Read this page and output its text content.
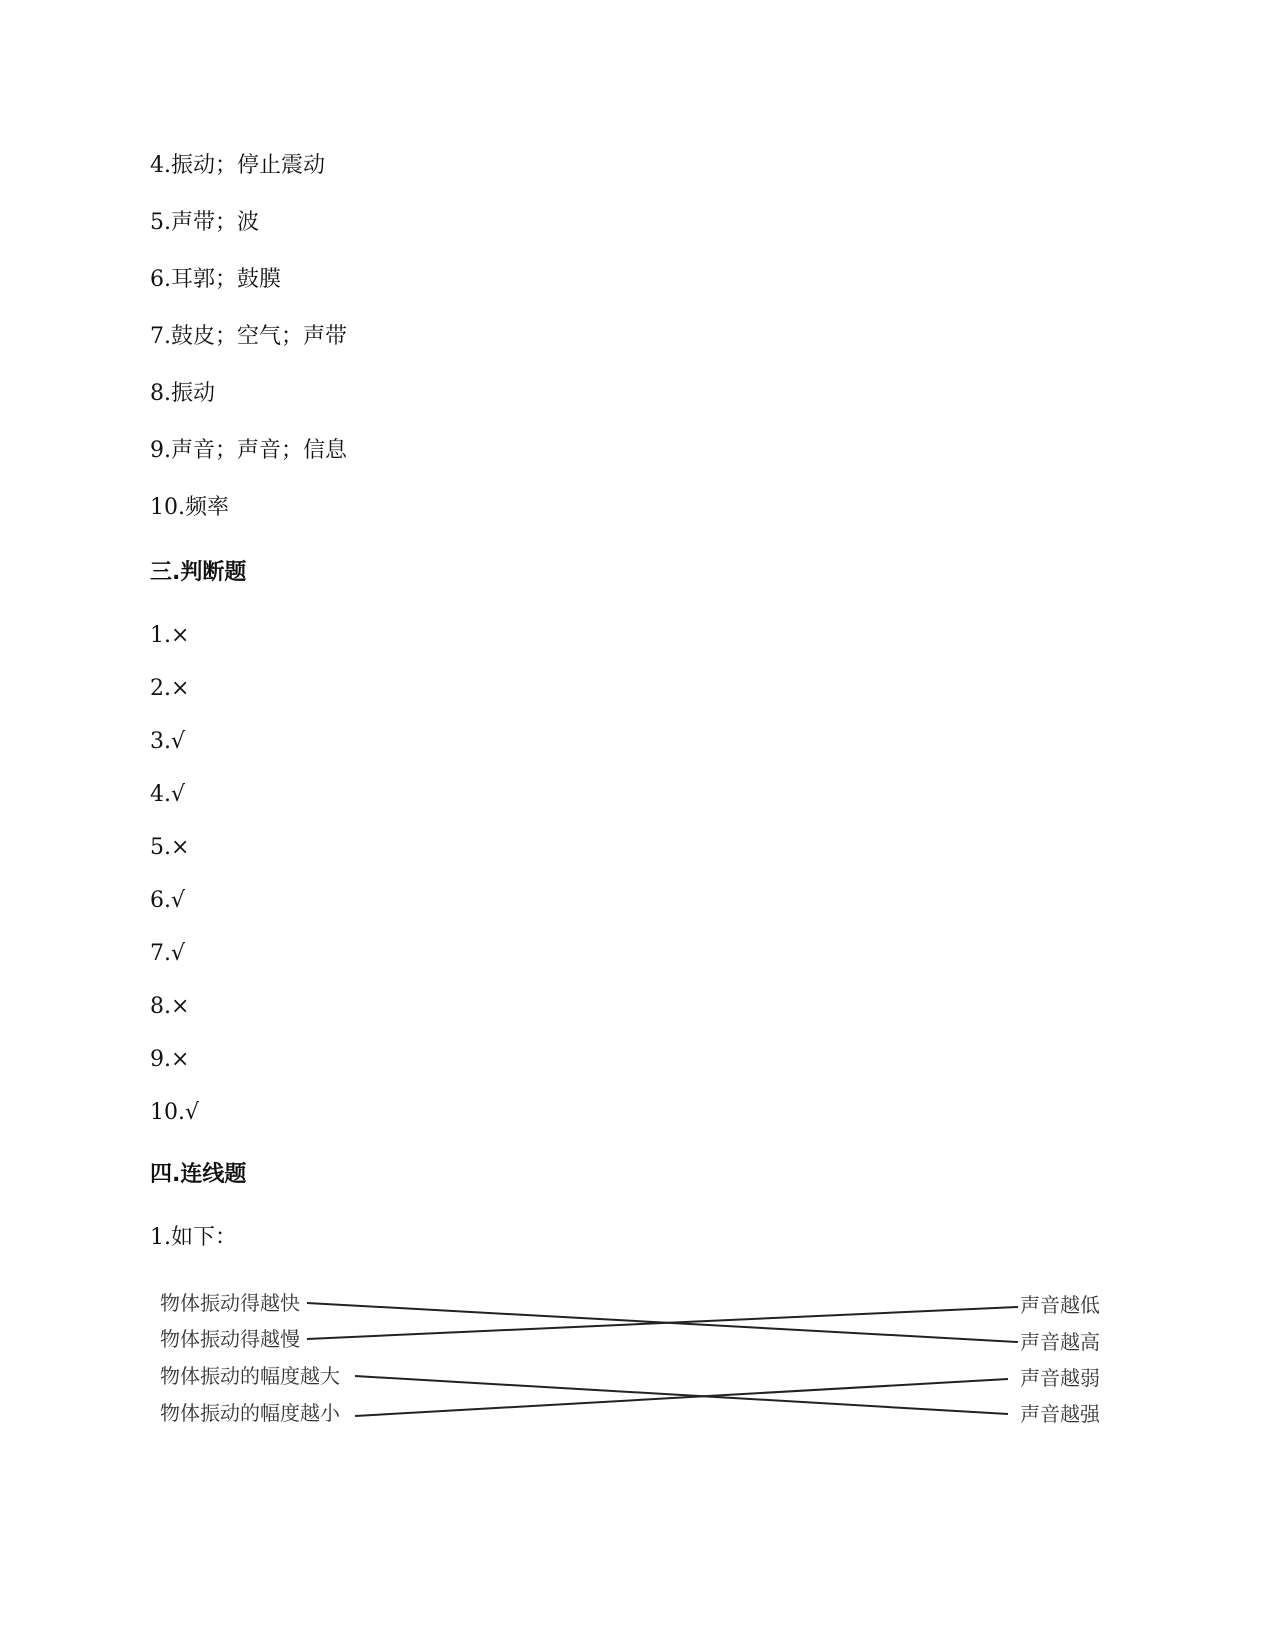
4.振动；停止震动
5.声带；波
6.耳郭；鼓膜
7.鼓皮；空气；声带
8.振动
9.声音；声音；信息
10.频率
三.判断题
1.×
2.×
3.√
4.√
5.×
6.√
7.√
8.×
9.×
10.√
四.连线题
1.如下：
物体振动得越快
物体振动得越慢
物体振动的幅度越大
物体振动的幅度越小
声音越低
声音越高
声音越弱
声音越强
